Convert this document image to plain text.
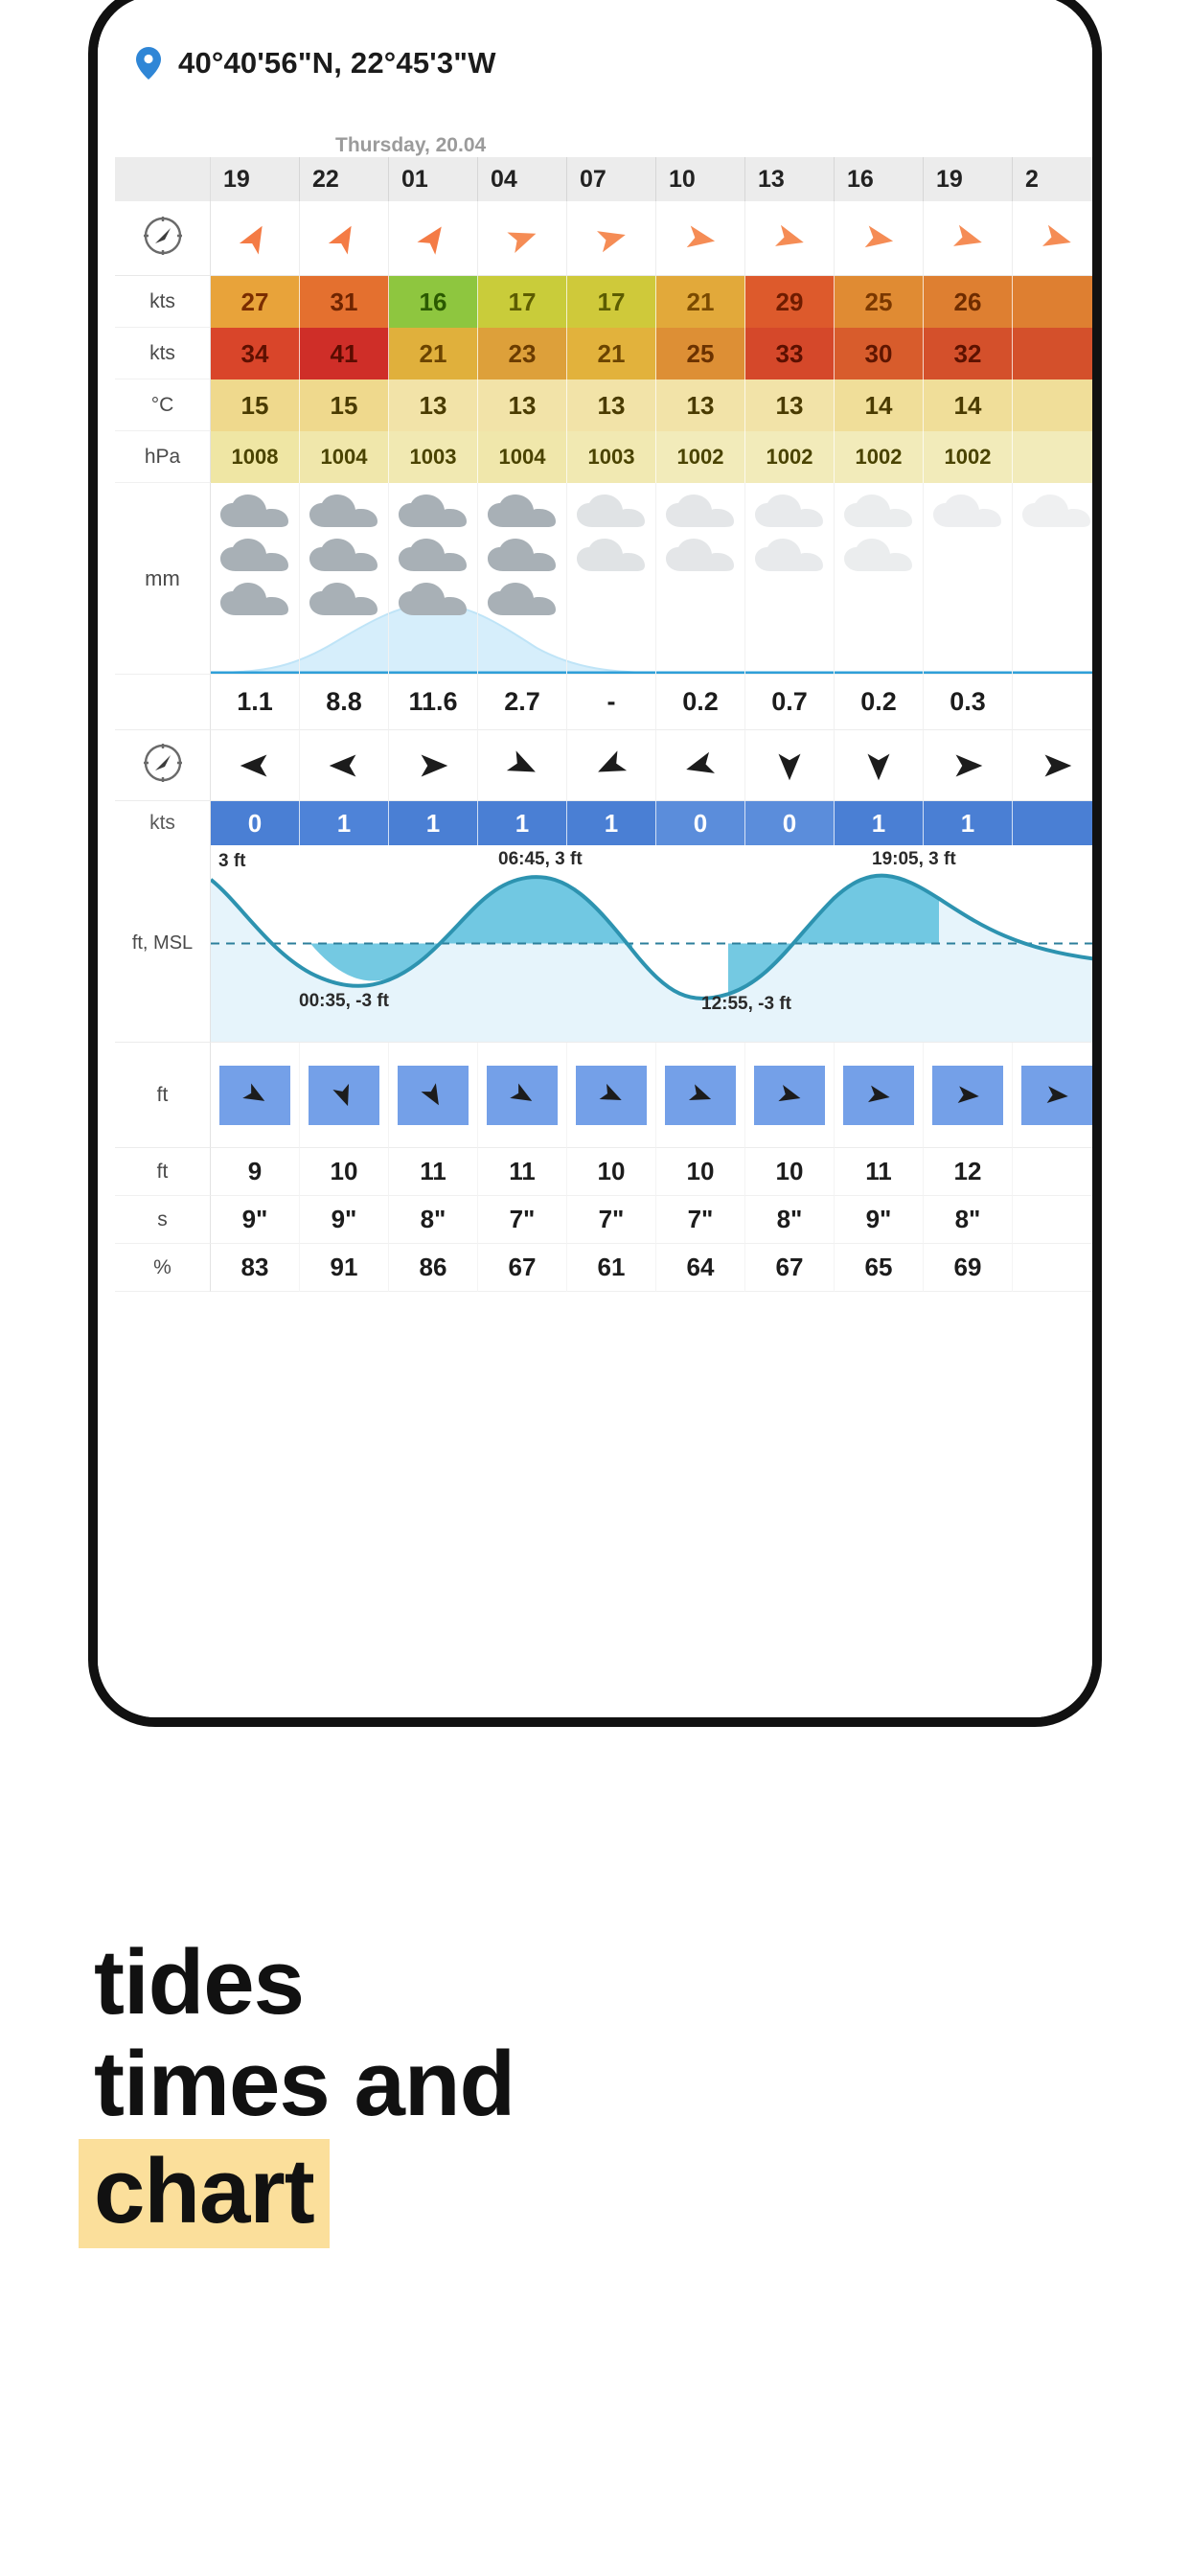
40°40'56"N, 22°45'3"W
Thursday, 20.04
19	22	01	04	07	10	13	16	19	2
kts	27	31	16	17	17	21	29	25	26
kts	34	41	21	23	21	25	33	30	32
°C	15	15	13	13	13	13	13	14	14
hPa	1008	1004	1003	1004	1003	1002	1002	1002	1002
mm
1.1	8.8	11.6	2.7	-	0.2	0.7	0.2	0.3
kts	0	1	1	1	1	0	0	1	1
ft, MSL
3 ft
00:35, -3 ft
06:45, 3 ft
12:55, -3 ft
19:05, 3 ft
ft
ft	9	10	11	11	10	10	10	11	12
s	9"	9"	8"	7"	7"	7"	8"	9"	8"
%	83	91	86	67	61	64	67	65	69
tides
times and
chart
